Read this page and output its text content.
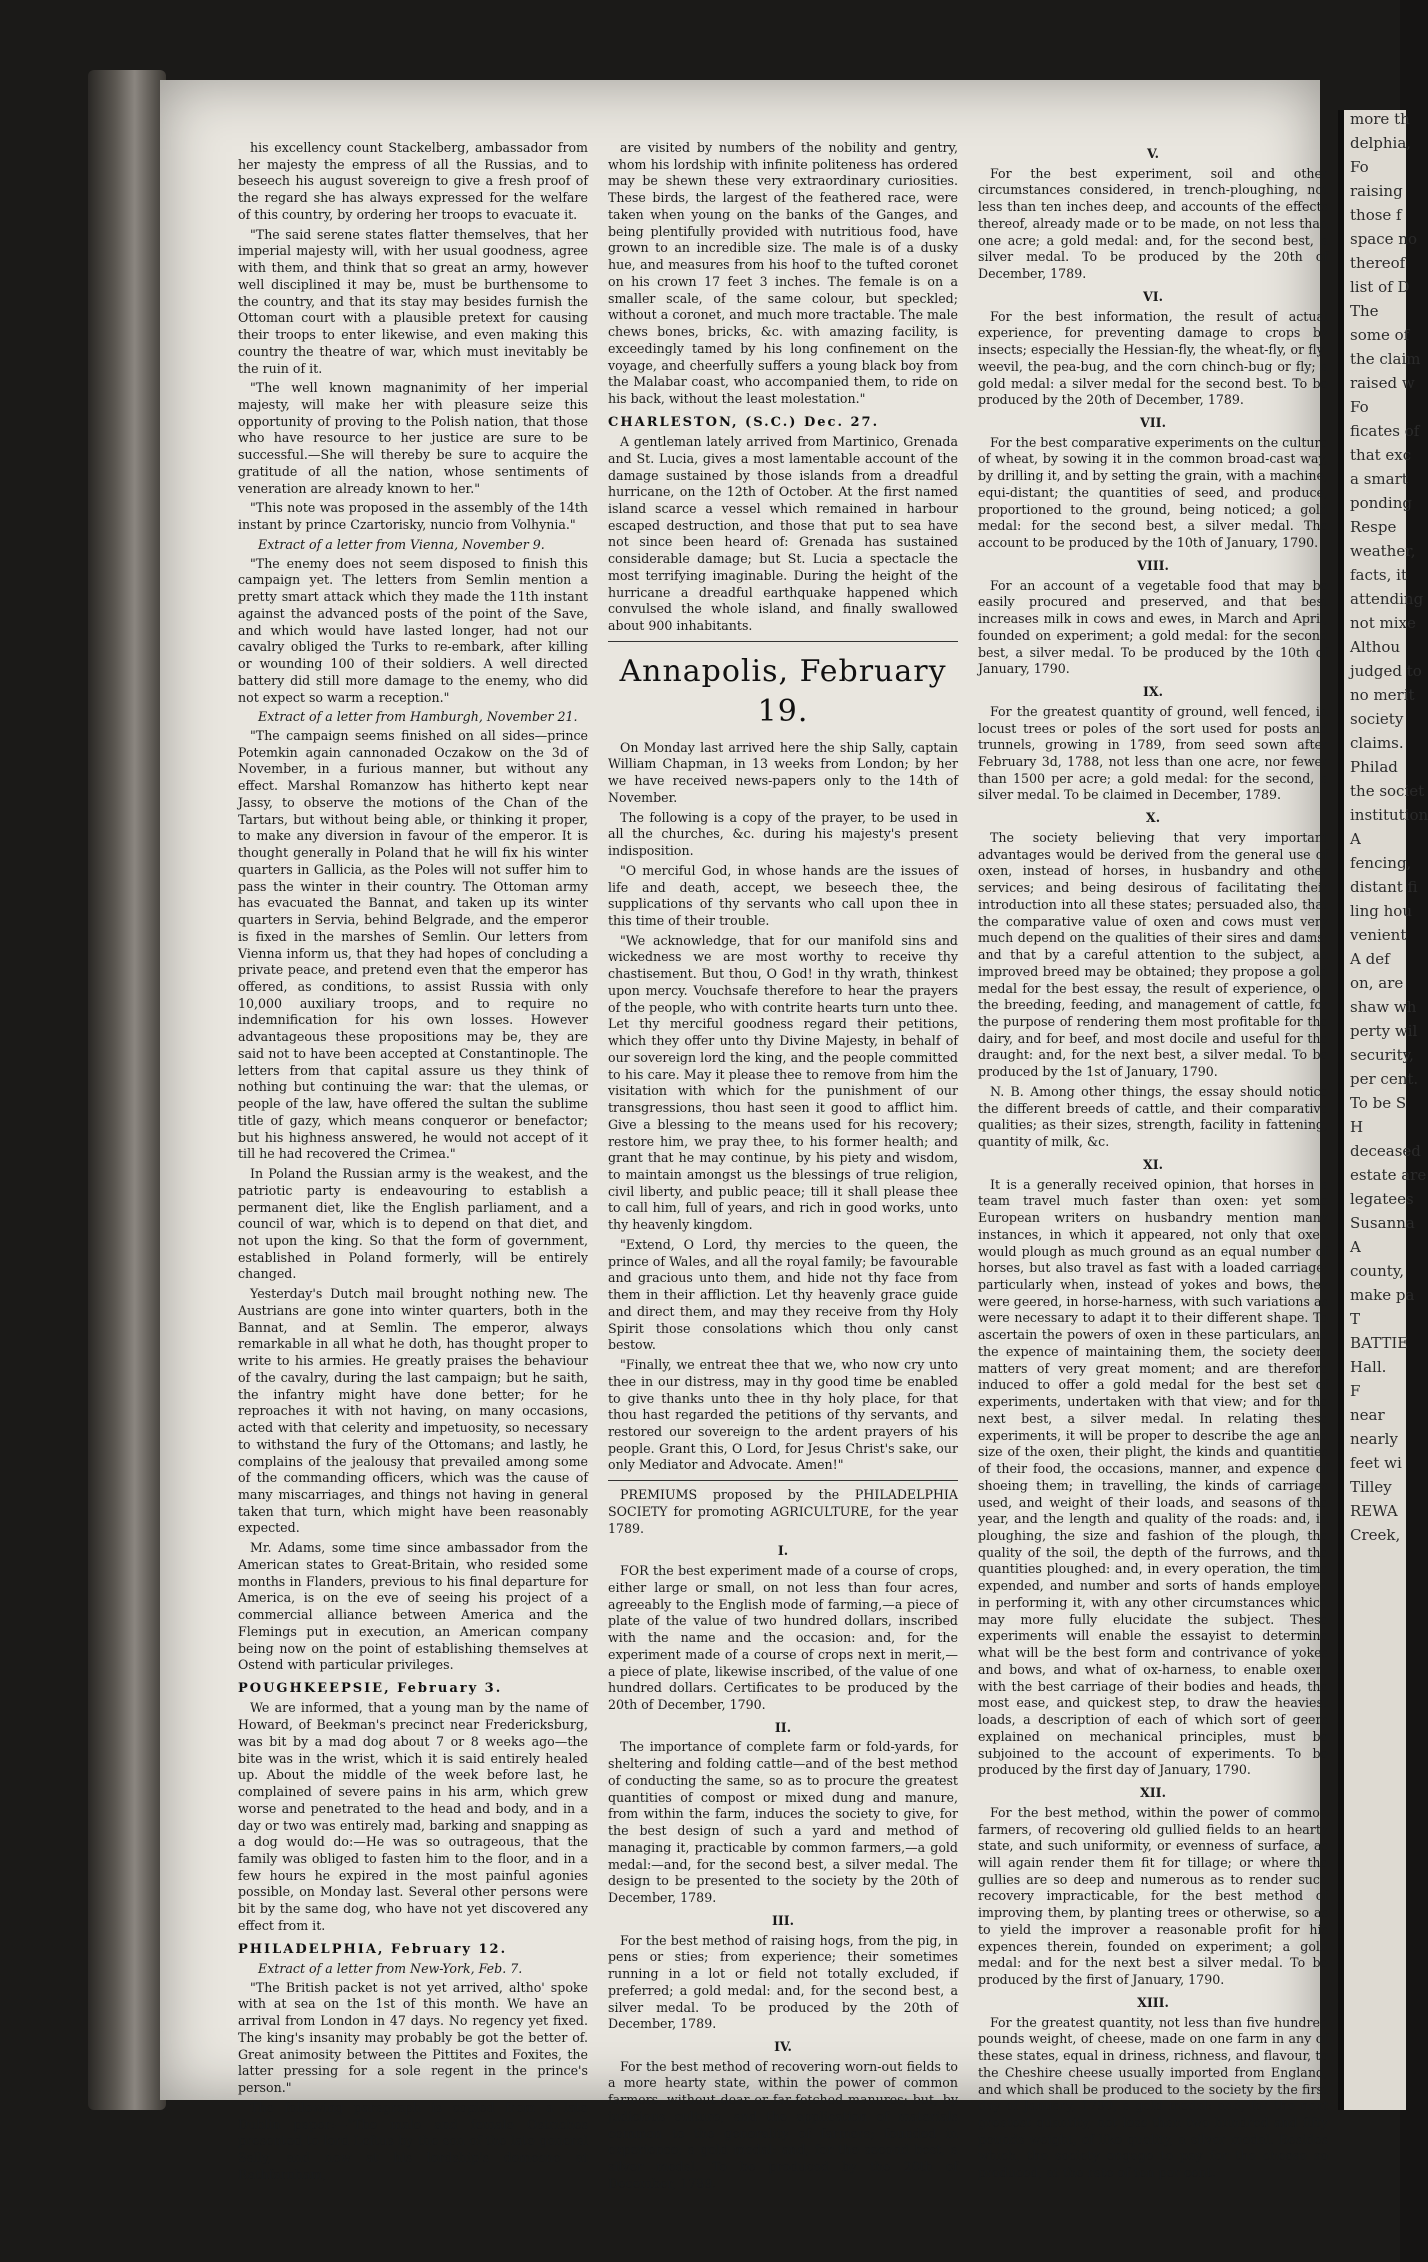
more th

delphia,

Fo

raising

those f

space no

thereof

list of D

The

some of

the claim

raised w

Fo

ficates of

that exc

a smart

ponding

Respe

weather,

facts, it

attending

not mixe

Althou

judged to

no merit

society

claims.

Philad

the societ

institution

A

fencing,

distant fi

ling hou

venient

A def

on, are

shaw wh

perty wil

security,

per cent.

To be S

H

deceased

estate are

legatees

Susanna

A

county,

make pa

T

BATTIE

Hall.

F

near

nearly

feet wi

Tilley

REWA

Creek,

his excellency count Stackelberg, ambassador from her majesty the empress of all the Russias, and to beseech his august sovereign to give a fresh proof of the regard she has always expressed for the welfare of this country, by ordering her troops to evacuate it.

"The said serene states flatter themselves, that her imperial majesty will, with her usual goodness, agree with them, and think that so great an army, however well disciplined it may be, must be burthensome to the country, and that its stay may besides furnish the Ottoman court with a plausible pretext for causing their troops to enter likewise, and even making this country the theatre of war, which must inevitably be the ruin of it.

"The well known magnanimity of her imperial majesty, will make her with pleasure seize this opportunity of proving to the Polish nation, that those who have resource to her justice are sure to be successful.—She will thereby be sure to acquire the gratitude of all the nation, whose sentiments of veneration are already known to her."

"This note was proposed in the assembly of the 14th instant by prince Czartorisky, nuncio from Volhynia."

Extract of a letter from Vienna, November 9.

"The enemy does not seem disposed to finish this campaign yet. The letters from Semlin mention a pretty smart attack which they made the 11th instant against the advanced posts of the point of the Save, and which would have lasted longer, had not our cavalry obliged the Turks to re-embark, after killing or wounding 100 of their soldiers. A well directed battery did still more damage to the enemy, who did not expect so warm a reception."

Extract of a letter from Hamburgh, November 21.

"The campaign seems finished on all sides—prince Potemkin again cannonaded Oczakow on the 3d of November, in a furious manner, but without any effect. Marshal Romanzow has hitherto kept near Jassy, to observe the motions of the Chan of the Tartars, but without being able, or thinking it proper, to make any diversion in favour of the emperor. It is thought generally in Poland that he will fix his winter quarters in Gallicia, as the Poles will not suffer him to pass the winter in their country. The Ottoman army has evacuated the Bannat, and taken up its winter quarters in Servia, behind Belgrade, and the emperor is fixed in the marshes of Semlin. Our letters from Vienna inform us, that they had hopes of concluding a private peace, and pretend even that the emperor has offered, as conditions, to assist Russia with only 10,000 auxiliary troops, and to require no indemnification for his own losses. However advantageous these propositions may be, they are said not to have been accepted at Constantinople. The letters from that capital assure us they think of nothing but continuing the war: that the ulemas, or people of the law, have offered the sultan the sublime title of gazy, which means conqueror or benefactor; but his highness answered, he would not accept of it till he had recovered the Crimea."

In Poland the Russian army is the weakest, and the patriotic party is endeavouring to establish a permanent diet, like the English parliament, and a council of war, which is to depend on that diet, and not upon the king. So that the form of government, established in Poland formerly, will be entirely changed.

Yesterday's Dutch mail brought nothing new. The Austrians are gone into winter quarters, both in the Bannat, and at Semlin. The emperor, always remarkable in all what he doth, has thought proper to write to his armies. He greatly praises the behaviour of the cavalry, during the last campaign; but he saith, the infantry might have done better; for he reproaches it with not having, on many occasions, acted with that celerity and impetuosity, so necessary to withstand the fury of the Ottomans; and lastly, he complains of the jealousy that prevailed among some of the commanding officers, which was the cause of many miscarriages, and things not having in general taken that turn, which might have been reasonably expected.

Mr. Adams, some time since ambassador from the American states to Great-Britain, who resided some months in Flanders, previous to his final departure for America, is on the eve of seeing his project of a commercial alliance between America and the Flemings put in execution, an American company being now on the point of establishing themselves at Ostend with particular privileges.

POUGHKEEPSIE, February 3.

We are informed, that a young man by the name of Howard, of Beekman's precinct near Fredericksburg, was bit by a mad dog about 7 or 8 weeks ago—the bite was in the wrist, which it is said entirely healed up. About the middle of the week before last, he complained of severe pains in his arm, which grew worse and penetrated to the head and body, and in a day or two was entirely mad, barking and snapping as a dog would do:—He was so outrageous, that the family was obliged to fasten him to the floor, and in a few hours he expired in the most painful agonies possible, on Monday last. Several other persons were bit by the same dog, who have not yet discovered any effect from it.

PHILADELPHIA, February 12.

Extract of a letter from New-York, Feb. 7.

"The British packet is not yet arrived, altho' spoke with at sea on the 1st of this month. We have an arrival from London in 47 days. No regency yet fixed. The king's insanity may probably be got the better of. Great animosity between the Pittites and Foxites, the latter pressing for a sole regent in the prince's person."

The following paragraph is copied from a late Dublin paper:—"The male and female Ostriches presented to lord Loftus by the son of the late general Sally, and now at his lordship's demesne at Rathfarnham,

are visited by numbers of the nobility and gentry, whom his lordship with infinite politeness has ordered may be shewn these very extraordinary curiosities. These birds, the largest of the feathered race, were taken when young on the banks of the Ganges, and being plentifully provided with nutritious food, have grown to an incredible size. The male is of a dusky hue, and measures from his hoof to the tufted coronet on his crown 17 feet 3 inches. The female is on a smaller scale, of the same colour, but speckled; without a coronet, and much more tractable. The male chews bones, bricks, &c. with amazing facility, is exceedingly tamed by his long confinement on the voyage, and cheerfully suffers a young black boy from the Malabar coast, who accompanied them, to ride on his back, without the least molestation."

CHARLESTON, (S.C.) Dec. 27.

A gentleman lately arrived from Martinico, Grenada and St. Lucia, gives a most lamentable account of the damage sustained by those islands from a dreadful hurricane, on the 12th of October. At the first named island scarce a vessel which remained in harbour escaped destruction, and those that put to sea have not since been heard of: Grenada has sustained considerable damage; but St. Lucia a spectacle the most terrifying imaginable. During the height of the hurricane a dreadful earthquake happened which convulsed the whole island, and finally swallowed about 900 inhabitants.

Annapolis, February 19.

On Monday last arrived here the ship Sally, captain William Chapman, in 13 weeks from London; by her we have received news-papers only to the 14th of November.

The following is a copy of the prayer, to be used in all the churches, &c. during his majesty's present indisposition.

"O merciful God, in whose hands are the issues of life and death, accept, we beseech thee, the supplications of thy servants who call upon thee in this time of their trouble.

"We acknowledge, that for our manifold sins and wickedness we are most worthy to receive thy chastisement. But thou, O God! in thy wrath, thinkest upon mercy. Vouchsafe therefore to hear the prayers of the people, who with contrite hearts turn unto thee. Let thy merciful goodness regard their petitions, which they offer unto thy Divine Majesty, in behalf of our sovereign lord the king, and the people committed to his care. May it please thee to remove from him the visitation with which for the punishment of our transgressions, thou hast seen it good to afflict him. Give a blessing to the means used for his recovery; restore him, we pray thee, to his former health; and grant that he may continue, by his piety and wisdom, to maintain amongst us the blessings of true religion, civil liberty, and public peace; till it shall please thee to call him, full of years, and rich in good works, unto thy heavenly kingdom.

"Extend, O Lord, thy mercies to the queen, the prince of Wales, and all the royal family; be favourable and gracious unto them, and hide not thy face from them in their affliction. Let thy heavenly grace guide and direct them, and may they receive from thy Holy Spirit those consolations which thou only canst bestow.

"Finally, we entreat thee that we, who now cry unto thee in our distress, may in thy good time be enabled to give thanks unto thee in thy holy place, for that thou hast regarded the petitions of thy servants, and restored our sovereign to the ardent prayers of his people. Grant this, O Lord, for Jesus Christ's sake, our only Mediator and Advocate. Amen!"

PREMIUMS proposed by the PHILADELPHIA SOCIETY for promoting AGRICULTURE, for the year 1789.

I.

FOR the best experiment made of a course of crops, either large or small, on not less than four acres, agreeably to the English mode of farming,—a piece of plate of the value of two hundred dollars, inscribed with the name and the occasion: and, for the experiment made of a course of crops next in merit,—a piece of plate, likewise inscribed, of the value of one hundred dollars. Certificates to be produced by the 20th of December, 1790.

II.

The importance of complete farm or fold-yards, for sheltering and folding cattle—and of the best method of conducting the same, so as to procure the greatest quantities of compost or mixed dung and manure, from within the farm, induces the society to give, for the best design of such a yard and method of managing it, practicable by common farmers,—a gold medal:—and, for the second best, a silver medal. The design to be presented to the society by the 20th of December, 1789.

III.

For the best method of raising hogs, from the pig, in pens or sties; from experience; their sometimes running in a lot or field not totally excluded, if preferred; a gold medal: and, for the second best, a silver medal. To be produced by the 20th of December, 1789.

IV.

For the best method of recovering worn-out fields to a more hearty state, within the power of common farmers, without dear or far-fetched manures; but, by judicious culture, and the application of materials common to the generality of farmers; founded in experience; a gold medal: and, for the second best, a silver medal. To be produced by the 20th of December, 1789.

V.

For the best experiment, soil and other circumstances considered, in trench-ploughing, not less than ten inches deep, and accounts of the effects thereof, already made or to be made, on not less than one acre; a gold medal: and, for the second best, a silver medal. To be produced by the 20th of December, 1789.

VI.

For the best information, the result of actual experience, for preventing damage to crops by insects; especially the Hessian-fly, the wheat-fly, or fly-weevil, the pea-bug, and the corn chinch-bug or fly; a gold medal: a silver medal for the second best. To be produced by the 20th of December, 1789.

VII.

For the best comparative experiments on the culture of wheat, by sowing it in the common broad-cast way, by drilling it, and by setting the grain, with a machine, equi-distant; the quantities of seed, and produce, proportioned to the ground, being noticed; a gold medal: for the second best, a silver medal. The account to be produced by the 10th of January, 1790.

VIII.

For an account of a vegetable food that may be easily procured and preserved, and that best increases milk in cows and ewes, in March and April, founded on experiment; a gold medal: for the second best, a silver medal. To be produced by the 10th of January, 1790.

IX.

For the greatest quantity of ground, well fenced, in locust trees or poles of the sort used for posts and trunnels, growing in 1789, from seed sown after February 3d, 1788, not less than one acre, nor fewer than 1500 per acre; a gold medal: for the second, a silver medal. To be claimed in December, 1789.

X.

The society believing that very important advantages would be derived from the general use of oxen, instead of horses, in husbandry and other services; and being desirous of facilitating their introduction into all these states; persuaded also, that the comparative value of oxen and cows must very much depend on the qualities of their sires and dams; and that by a careful attention to the subject, an improved breed may be obtained; they propose a gold medal for the best essay, the result of experience, on the breeding, feeding, and management of cattle, for the purpose of rendering them most profitable for the dairy, and for beef, and most docile and useful for the draught: and, for the next best, a silver medal. To be produced by the 1st of January, 1790.

N. B. Among other things, the essay should notice the different breeds of cattle, and their comparative qualities; as their sizes, strength, facility in fattening, quantity of milk, &c.

XI.

It is a generally received opinion, that horses in a team travel much faster than oxen: yet some European writers on husbandry mention many instances, in which it appeared, not only that oxen would plough as much ground as an equal number of horses, but also travel as fast with a loaded carriage; particularly when, instead of yokes and bows, they were geered, in horse-harness, with such variations as were necessary to adapt it to their different shape. To ascertain the powers of oxen in these particulars, and the expence of maintaining them, the society deem matters of very great moment; and are therefore induced to offer a gold medal for the best set of experiments, undertaken with that view; and for the next best, a silver medal. In relating these experiments, it will be proper to describe the age and size of the oxen, their plight, the kinds and quantities of their food, the occasions, manner, and expence of shoeing them; in travelling, the kinds of carriages used, and weight of their loads, and seasons of the year, and the length and quality of the roads: and, in ploughing, the size and fashion of the plough, the quality of the soil, the depth of the furrows, and the quantities ploughed: and, in every operation, the time expended, and number and sorts of hands employed in performing it, with any other circumstances which may more fully elucidate the subject. These experiments will enable the essayist to determine what will be the best form and contrivance of yokes and bows, and what of ox-harness, to enable oxen, with the best carriage of their bodies and heads, the most ease, and quickest step, to draw the heaviest loads, a description of each of which sort of geers explained on mechanical principles, must be subjoined to the account of experiments. To be produced by the first day of January, 1790.

XII.

For the best method, within the power of common farmers, of recovering old gullied fields to an hearty state, and such uniformity, or evenness of surface, as will again render them fit for tillage; or where the gullies are so deep and numerous as to render such recovery impracticable, for the best method of improving them, by planting trees or otherwise, so as to yield the improver a reasonable profit for his expences therein, founded on experiment; a gold medal: and for the next best a silver medal. To be produced by the first of January, 1790.

XIII.

For the greatest quantity, not less than five hundred pounds weight, of cheese, made on one farm in any of these states, equal in driness, richness, and flavour, to the Cheshire cheese usually imported from England, and which shall be produced to the society by the first day of January, 1790, a gold medal: and, for the next greatest quantity, not less than two hundred and fifty pounds weight, of like quality, a silver medal. Besides which, the society engage to pay for the cheese so produced, at the rate of ten per cent.
